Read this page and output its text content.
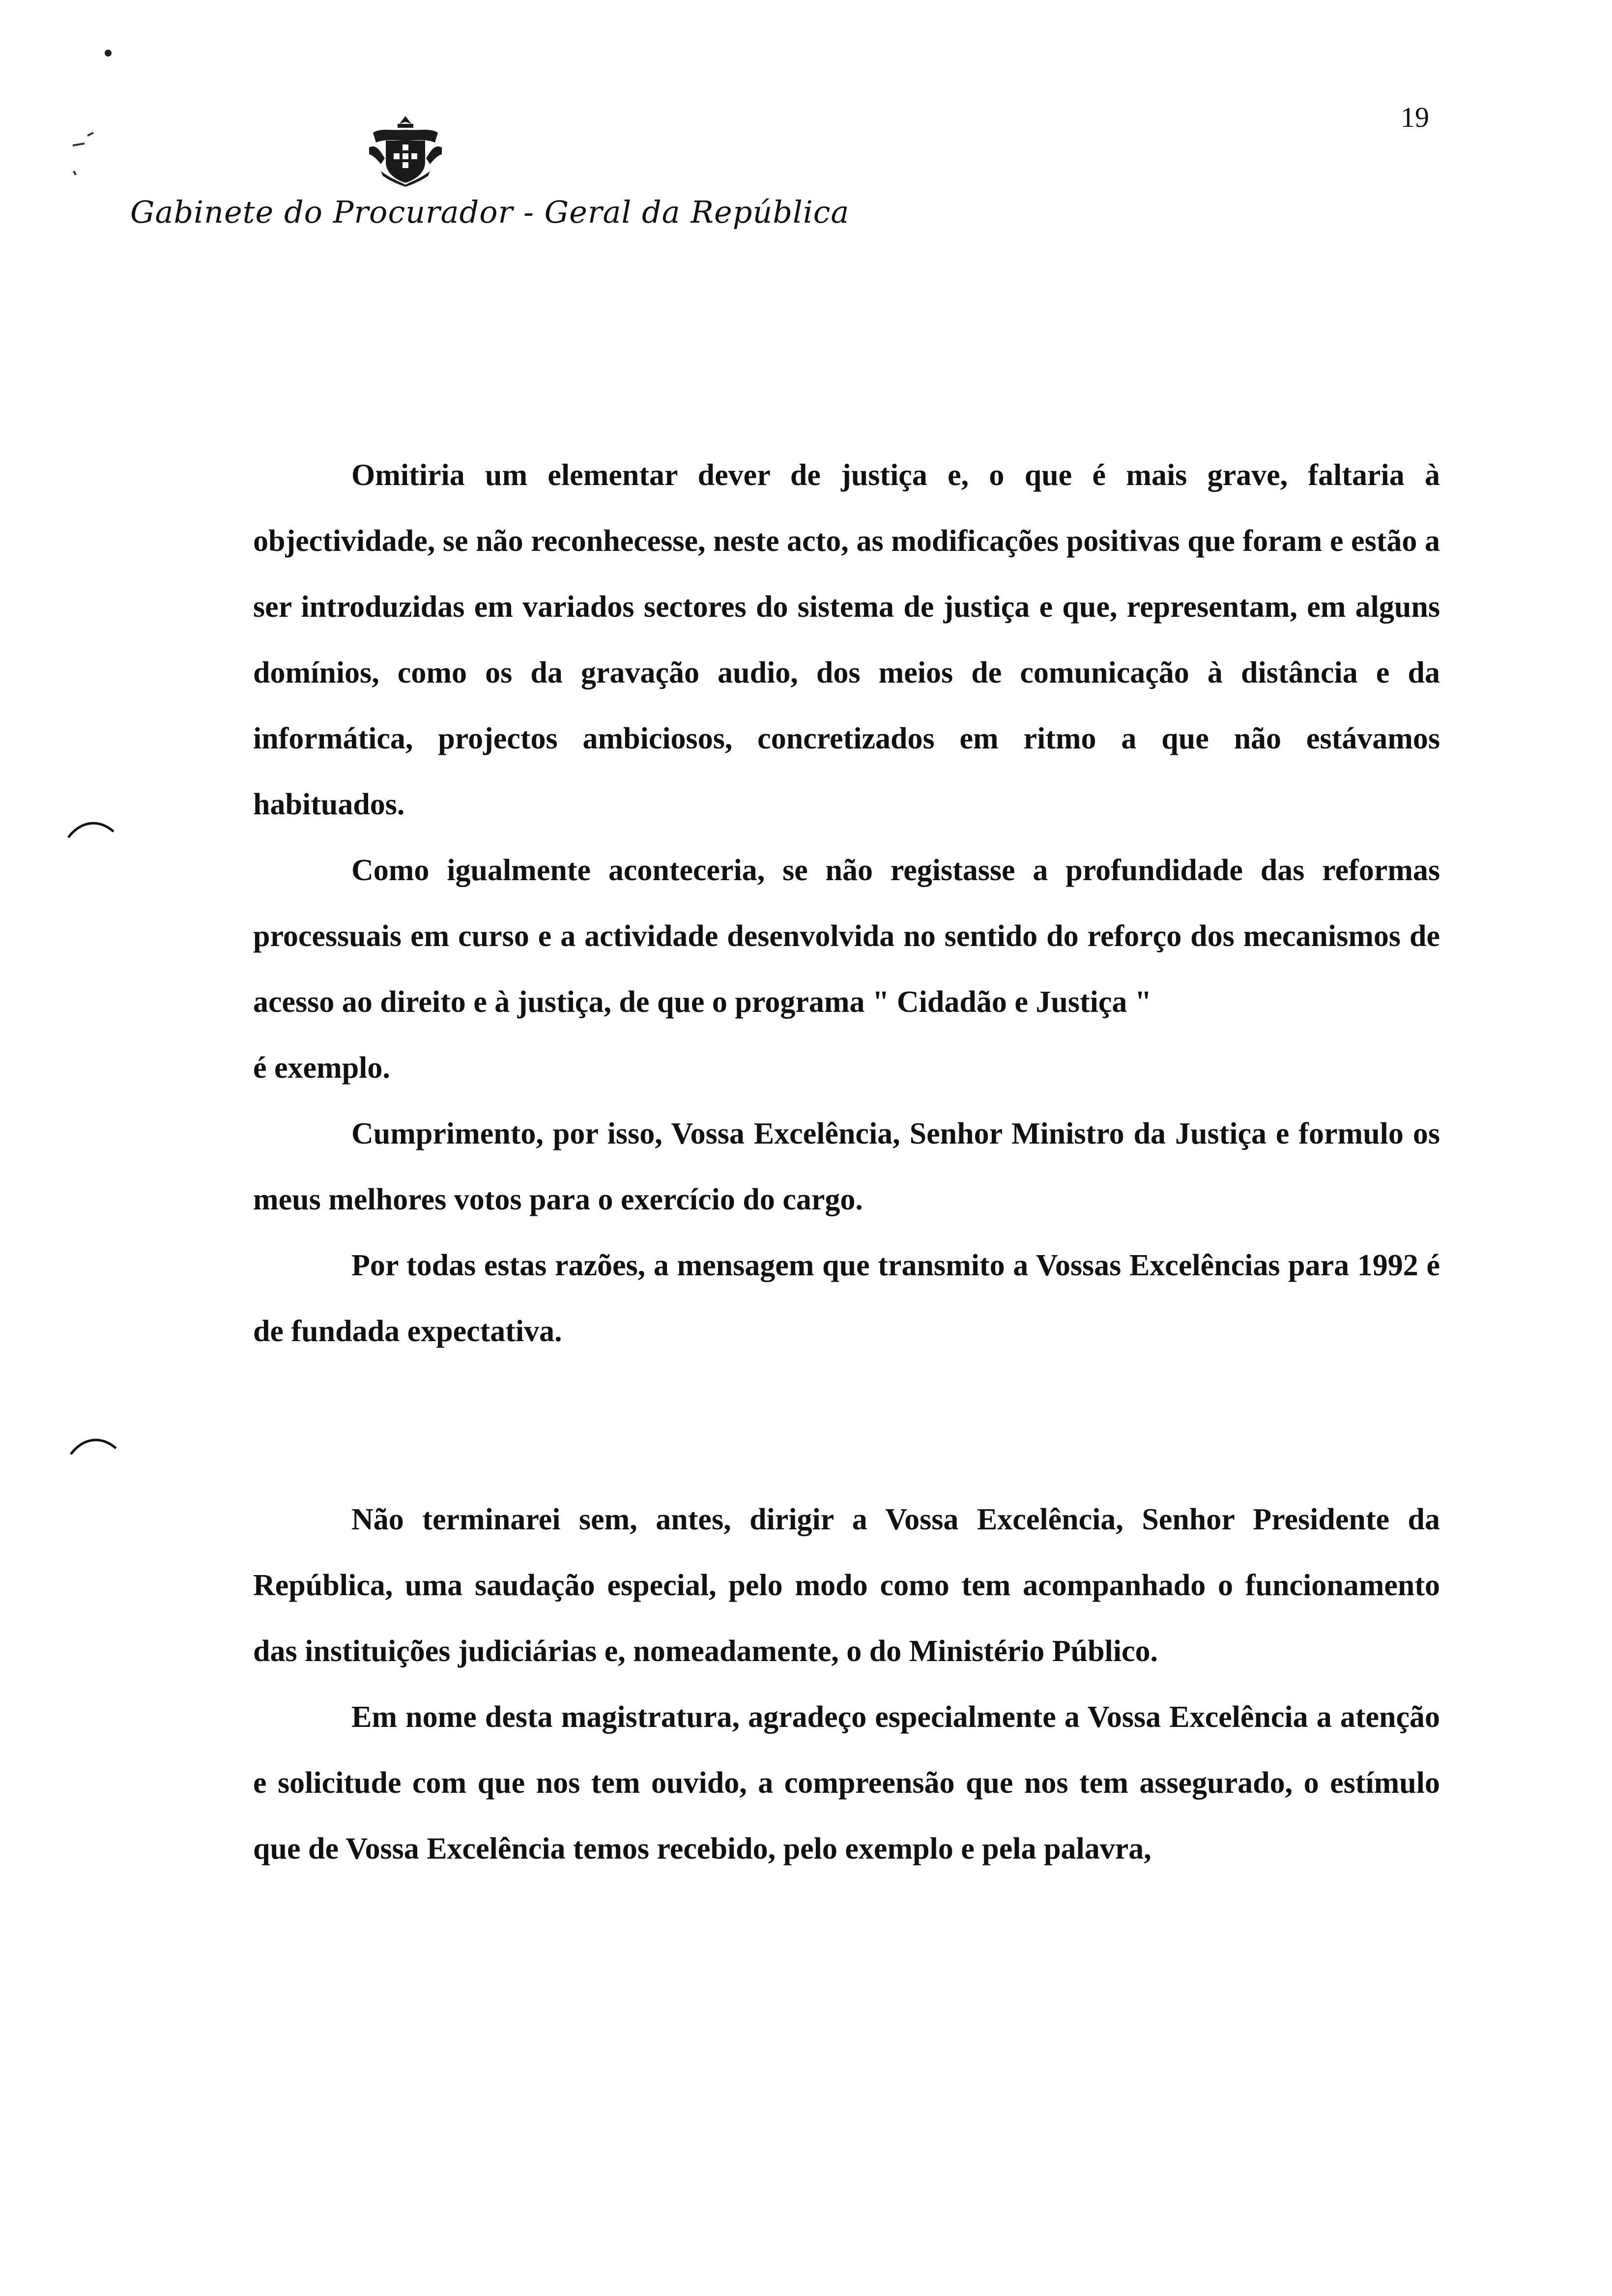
19
Gabinete do Procurador - Geral da República

Omitiria um elementar dever de justiça e, o que é mais grave, faltaria à objectividade, se não reconhecesse, neste acto, as modificações positivas que foram e estão a ser introduzidas em variados sectores do sistema de justiça e que, representam, em alguns domínios, como os da gravação audio, dos meios de comunicação à distância e da informática, projectos ambiciosos, concretizados em ritmo a que não estávamos habituados.

Como igualmente aconteceria, se não registasse a profundidade das reformas processuais em curso e a actividade desenvolvida no sentido do reforço dos mecanismos de acesso ao direito e à justiça, de que o programa " Cidadão e Justiça "

é exemplo.

Cumprimento, por isso, Vossa Excelência, Senhor Ministro da Justiça e formulo os meus melhores votos para o exercício do cargo.

Por todas estas razões, a mensagem que transmito a Vossas Excelências para 1992 é de fundada expectativa.

Não terminarei sem, antes, dirigir a Vossa Excelência, Senhor Presidente da República, uma saudação especial, pelo modo como tem acompanhado o funcionamento das instituições judiciárias e, nomeadamente, o do Ministério Público.

Em nome desta magistratura, agradeço especialmente a Vossa Excelência a atenção e solicitude com que nos tem ouvido, a compreensão que nos tem assegurado, o estímulo que de Vossa Excelência temos recebido, pelo exemplo e pela palavra,
